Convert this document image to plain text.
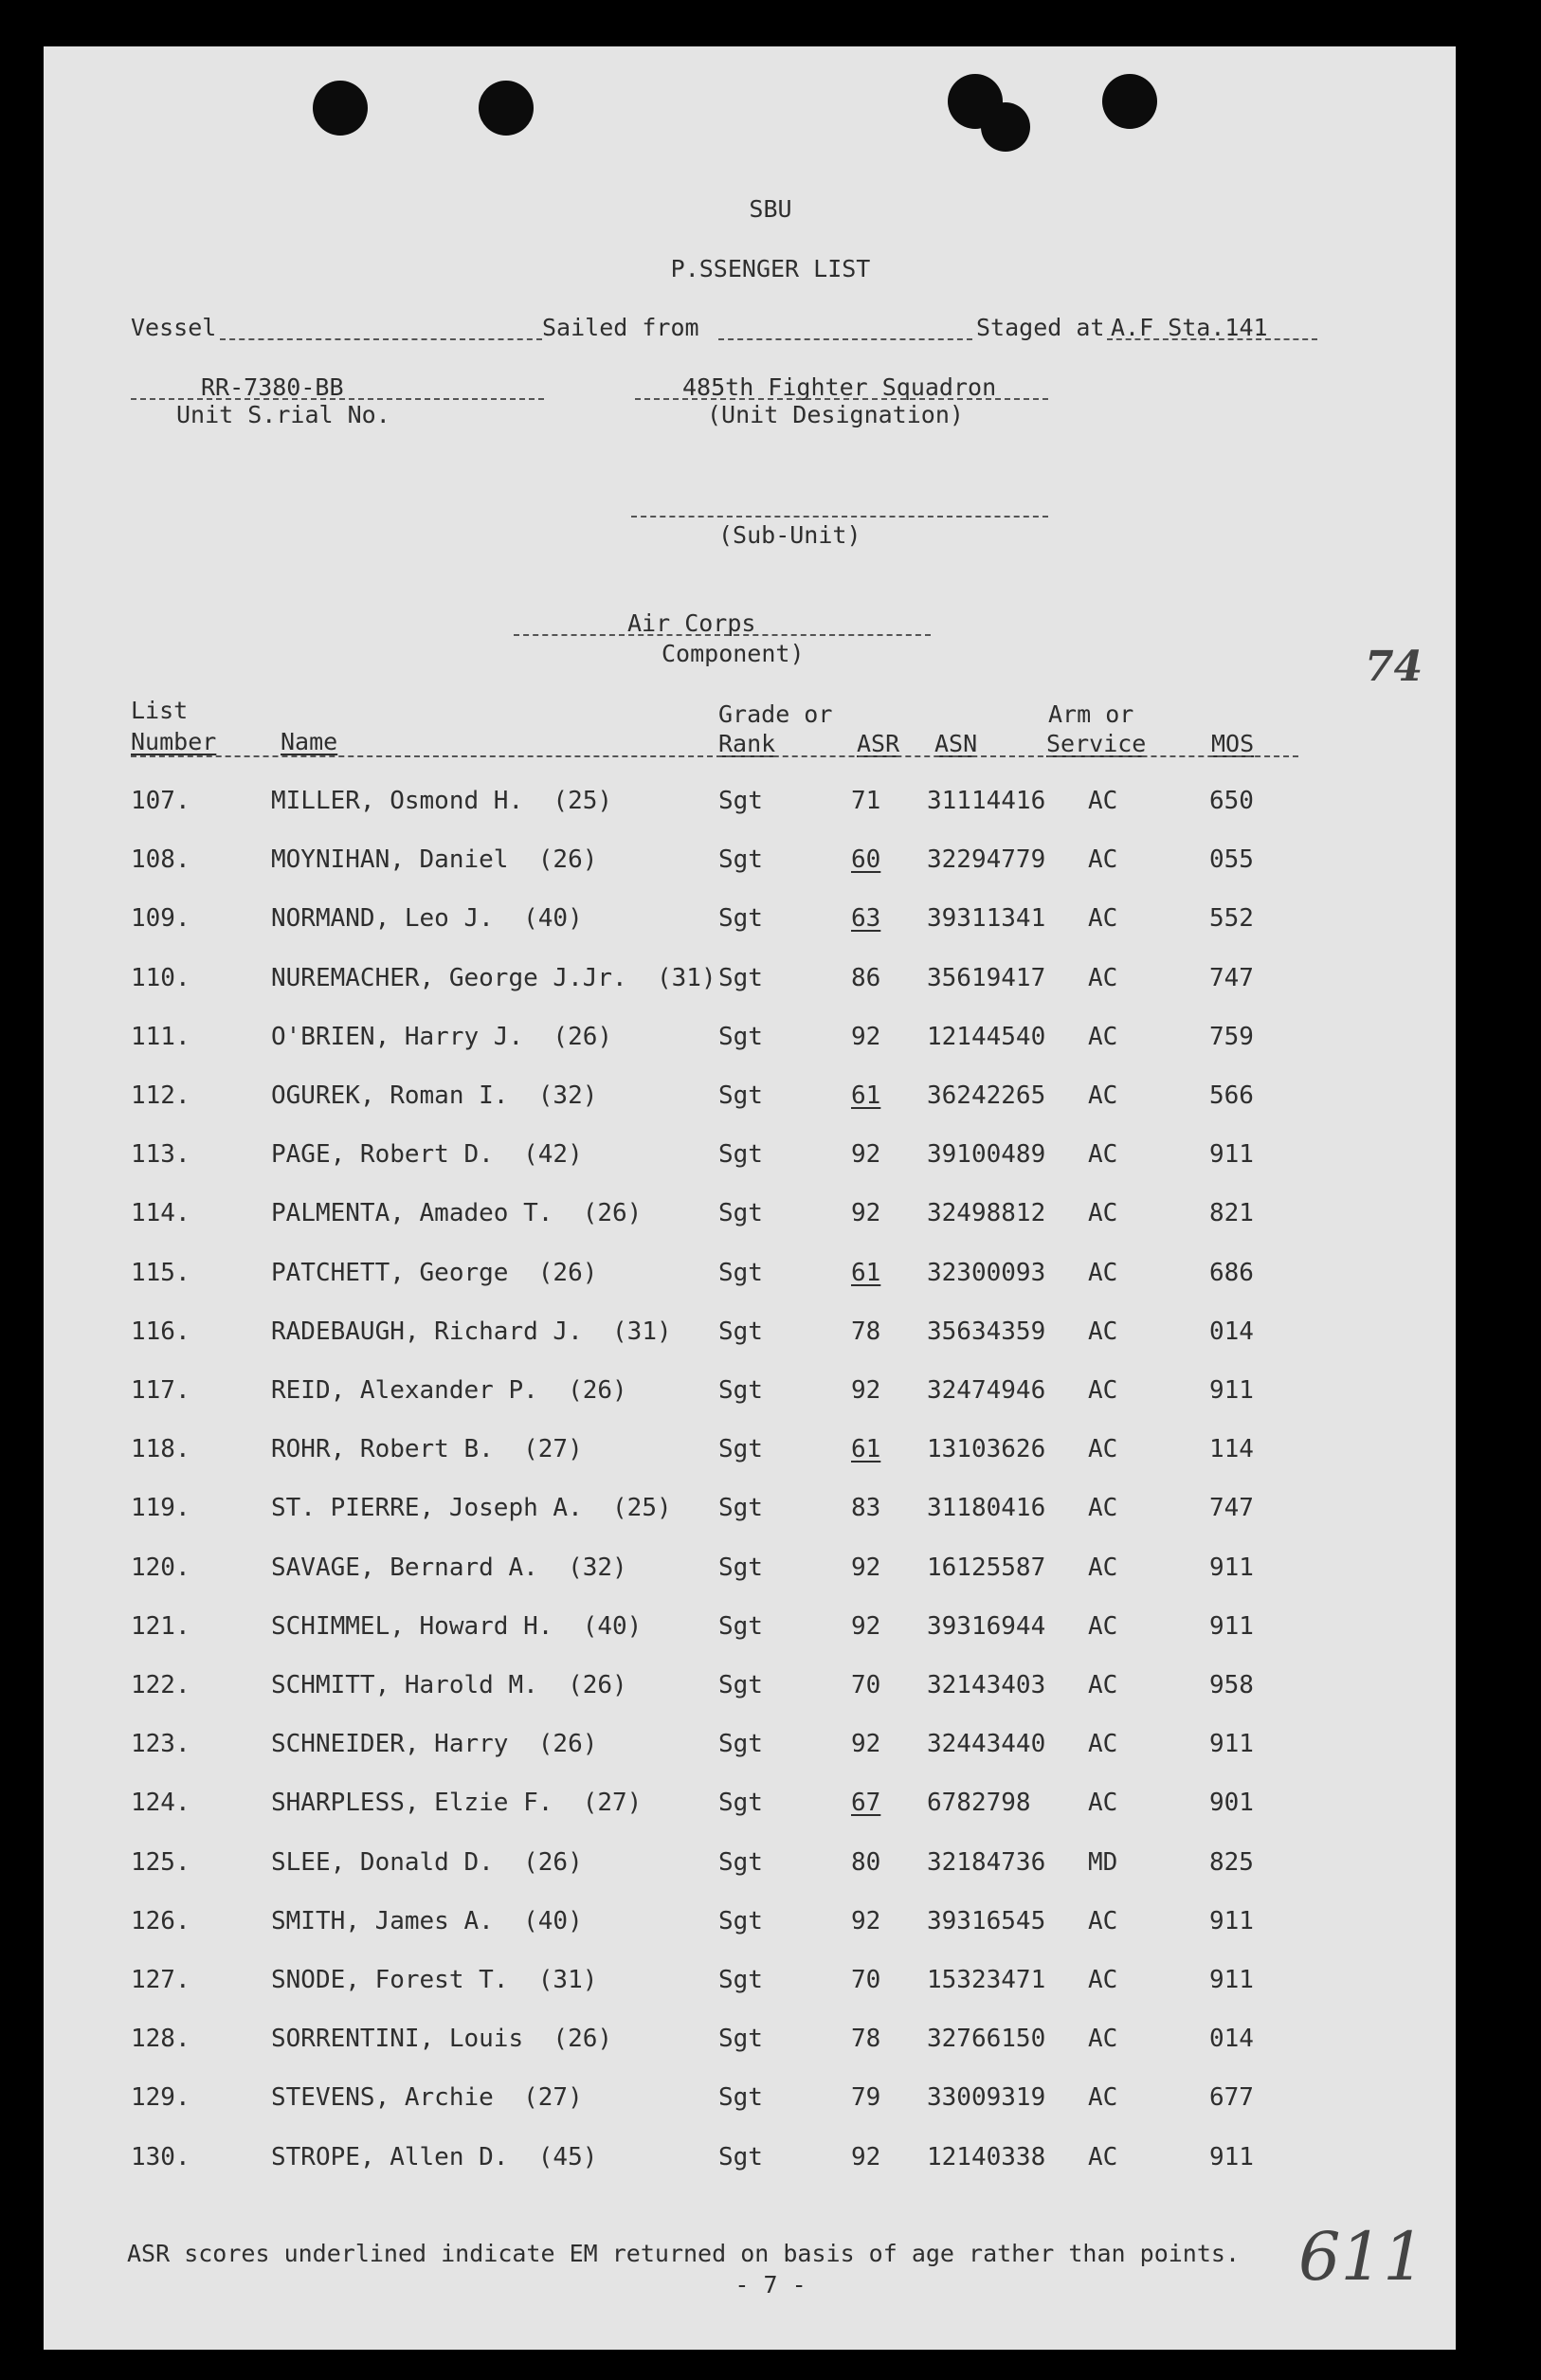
SBU
P.SSENGER LIST
Vessel	Sailed from	Staged at A.F Sta.141
RR-7380-BB
Unit S.rial No.
485th Fighter Squadron
(Unit Designation)
(Sub-Unit)
Air Corps
Component)	74
List
Number	Name
Grade or
Rank	ASR ASN
Arm or
Service	MOS
107.	MILLER, Osmond H.  (25)	Sgt	71 31114416 AC	650
108.	MOYNIHAN, Daniel  (26)	Sgt	60 32294779 AC	055
109.	NORMAND, Leo J.  (40)	Sgt	63 39311341 AC	552
110.	NUREMACHER, George J.Jr.  (31) Sgt	86 35619417 AC	747
111.	O'BRIEN, Harry J.  (26)	Sgt	92 12144540 AC	759
112.	OGUREK, Roman I.  (32)	Sgt	61 36242265 AC	566
113.	PAGE, Robert D.  (42)	Sgt	92 39100489 AC	911
114.	PALMENTA, Amadeo T.  (26)	Sgt	92 32498812 AC	821
115.	PATCHETT, George  (26)	Sgt	61 32300093 AC	686
116.	RADEBAUGH, Richard J.  (31) Sgt	78 35634359 AC	014
117.	REID, Alexander P.  (26)	Sgt	92 32474946 AC	911
118.	ROHR, Robert B.  (27)	Sgt	61 13103626 AC	114
119.	ST. PIERRE, Joseph A.  (25) Sgt	83 31180416 AC	747
120.	SAVAGE, Bernard A.  (32)	Sgt	92 16125587 AC	911
121.	SCHIMMEL, Howard H.  (40)	Sgt	92 39316944 AC	911
122.	SCHMITT, Harold M.  (26)	Sgt	70 32143403 AC	958
123.	SCHNEIDER, Harry  (26)	Sgt	92 32443440 AC	911
124.	SHARPLESS, Elzie F.  (27)	Sgt	67 6782798 AC	901
125.	SLEE, Donald D.  (26)	Sgt	80 32184736 MD	825
126.	SMITH, James A.  (40)	Sgt	92 39316545 AC	911
127.	SNODE, Forest T.  (31)	Sgt	70 15323471 AC	911
128.	SORRENTINI, Louis  (26)	Sgt	78 32766150 AC	014
129.	STEVENS, Archie  (27)	Sgt	79 33009319 AC	677
130.	STROPE, Allen D.  (45)	Sgt	92 12140338 AC	911
ASR scores underlined indicate EM returned on basis of age rather than points.
- 7 -	611
